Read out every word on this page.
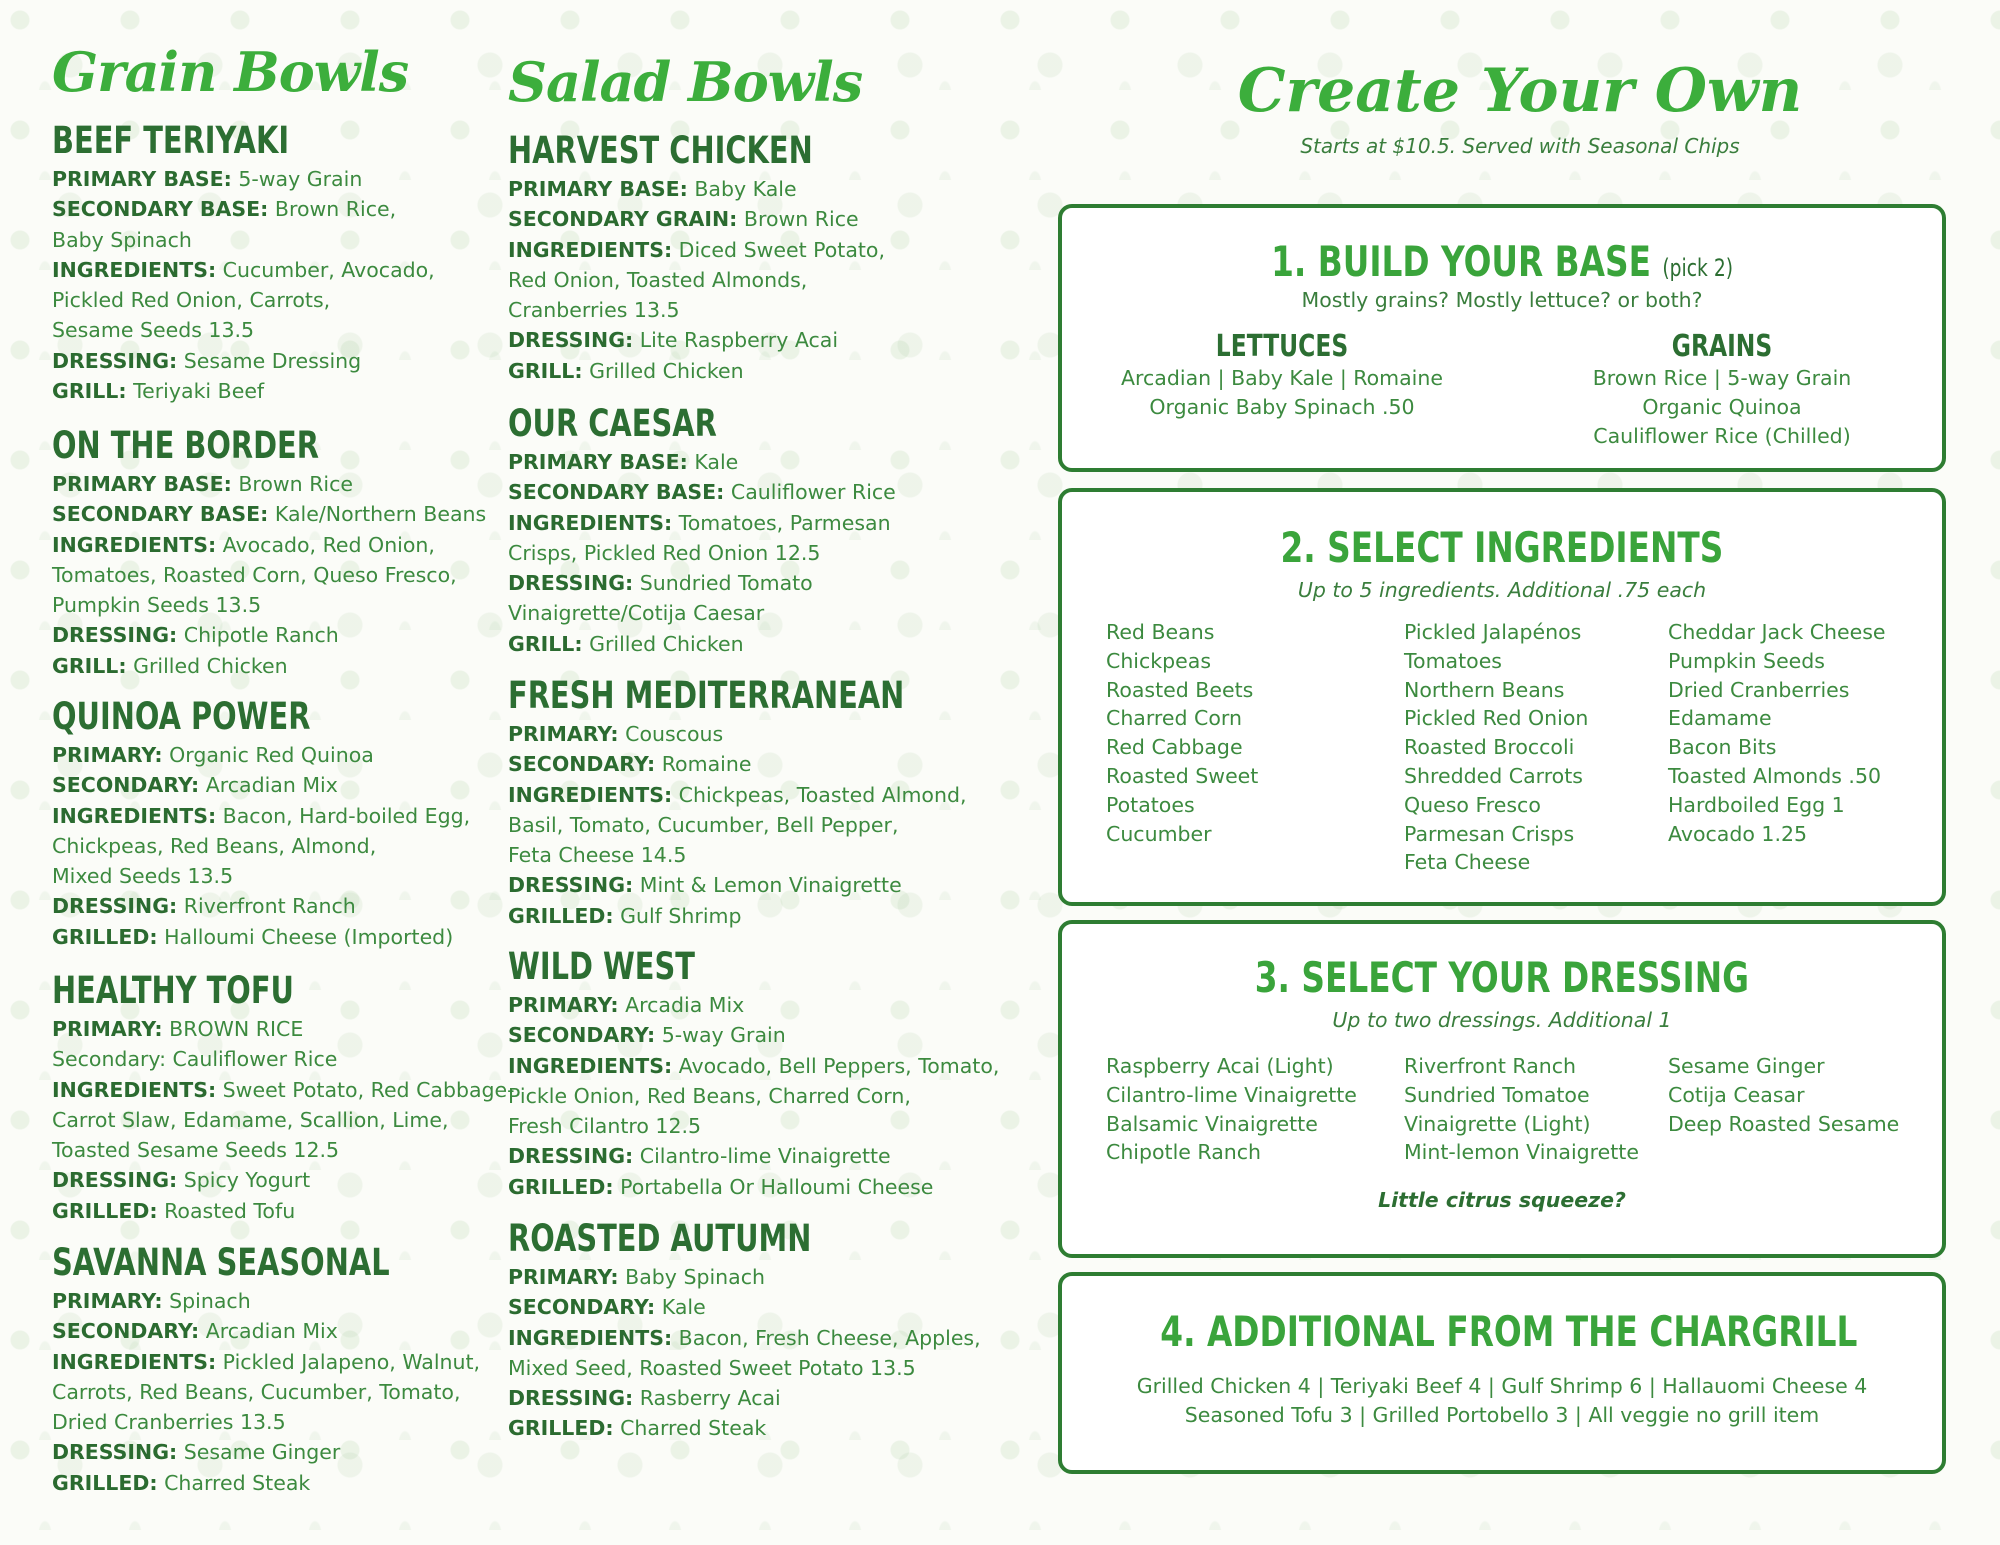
Grain Bowls
BEEF TERIYAKI
PRIMARY BASE: 5-way Grain
SECONDARY BASE: Brown Rice,
Baby Spinach
INGREDIENTS: Cucumber, Avocado,
Pickled Red Onion, Carrots,
Sesame Seeds 13.5
DRESSING: Sesame Dressing
GRILL: Teriyaki Beef
ON THE BORDER
PRIMARY BASE: Brown Rice
SECONDARY BASE: Kale/Northern Beans
INGREDIENTS: Avocado, Red Onion,
Tomatoes, Roasted Corn, Queso Fresco,
Pumpkin Seeds 13.5
DRESSING: Chipotle Ranch
GRILL: Grilled Chicken
QUINOA POWER
PRIMARY: Organic Red Quinoa
SECONDARY: Arcadian Mix
INGREDIENTS: Bacon, Hard-boiled Egg,
Chickpeas, Red Beans, Almond,
Mixed Seeds 13.5
DRESSING: Riverfront Ranch
GRILLED: Halloumi Cheese (Imported)
HEALTHY TOFU
PRIMARY: BROWN RICE
Secondary: Cauliflower Rice
INGREDIENTS: Sweet Potato, Red Cabbage-
Carrot Slaw, Edamame, Scallion, Lime,
Toasted Sesame Seeds 12.5
DRESSING: Spicy Yogurt
GRILLED: Roasted Tofu
SAVANNA SEASONAL
PRIMARY: Spinach
SECONDARY: Arcadian Mix
INGREDIENTS: Pickled Jalapeno, Walnut,
Carrots, Red Beans, Cucumber, Tomato,
Dried Cranberries 13.5
DRESSING: Sesame Ginger
GRILLED: Charred Steak
Salad Bowls
HARVEST CHICKEN
PRIMARY BASE: Baby Kale
SECONDARY GRAIN: Brown Rice
INGREDIENTS: Diced Sweet Potato,
Red Onion, Toasted Almonds,
Cranberries 13.5
DRESSING: Lite Raspberry Acai
GRILL: Grilled Chicken
OUR CAESAR
PRIMARY BASE: Kale
SECONDARY BASE: Cauliflower Rice
INGREDIENTS: Tomatoes, Parmesan
Crisps, Pickled Red Onion 12.5
DRESSING: Sundried Tomato
Vinaigrette/Cotija Caesar
GRILL: Grilled Chicken
FRESH MEDITERRANEAN
PRIMARY: Couscous
SECONDARY: Romaine
INGREDIENTS: Chickpeas, Toasted Almond,
Basil, Tomato, Cucumber, Bell Pepper,
Feta Cheese 14.5
DRESSING: Mint & Lemon Vinaigrette
GRILLED: Gulf Shrimp
WILD WEST
PRIMARY: Arcadia Mix
SECONDARY: 5-way Grain
INGREDIENTS: Avocado, Bell Peppers, Tomato,
Pickle Onion, Red Beans, Charred Corn,
Fresh Cilantro 12.5
DRESSING: Cilantro-lime Vinaigrette
GRILLED: Portabella Or Halloumi Cheese
ROASTED AUTUMN
PRIMARY: Baby Spinach
SECONDARY: Kale
INGREDIENTS: Bacon, Fresh Cheese, Apples,
Mixed Seed, Roasted Sweet Potato 13.5
DRESSING: Rasberry Acai
GRILLED: Charred Steak
Create Your Own
Starts at $10.5. Served with Seasonal Chips
1. BUILD YOUR BASE (pick 2)
Mostly grains? Mostly lettuce? or both?
LETTUCES
Arcadian | Baby Kale | Romaine
Organic Baby Spinach .50
GRAINS
Brown Rice | 5-way Grain
Organic Quinoa
Cauliflower Rice (Chilled)
2. SELECT INGREDIENTS
Up to 5 ingredients. Additional .75 each
Red Beans
Chickpeas
Roasted Beets
Charred Corn
Red Cabbage
Roasted Sweet
Potatoes
Cucumber
Pickled Jalapénos
Tomatoes
Northern Beans
Pickled Red Onion
Roasted Broccoli
Shredded Carrots
Queso Fresco
Parmesan Crisps
Feta Cheese
Cheddar Jack Cheese
Pumpkin Seeds
Dried Cranberries
Edamame
Bacon Bits
Toasted Almonds .50
Hardboiled Egg 1
Avocado 1.25
3. SELECT YOUR DRESSING
Up to two dressings. Additional 1
Raspberry Acai (Light)
Cilantro-lime Vinaigrette
Balsamic Vinaigrette
Chipotle Ranch
Riverfront Ranch
Sundried Tomatoe
Vinaigrette (Light)
Mint-lemon Vinaigrette
Sesame Ginger
Cotija Ceasar
Deep Roasted Sesame
Little citrus squeeze?
4. ADDITIONAL FROM THE CHARGRILL
Grilled Chicken 4 | Teriyaki Beef 4 | Gulf Shrimp 6 | Hallauomi Cheese 4
Seasoned Tofu 3 | Grilled Portobello 3 | All veggie no grill item
